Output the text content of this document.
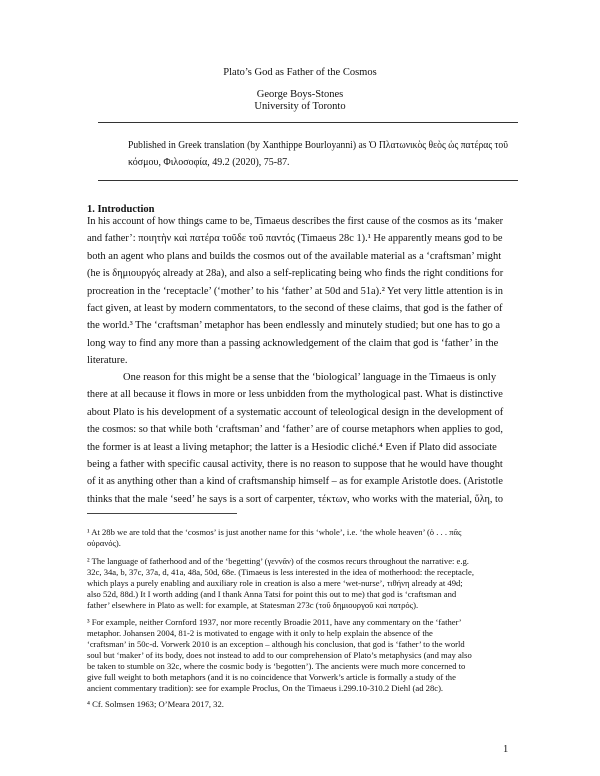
Plato’s God as Father of the Cosmos
George Boys-Stones
University of Toronto
Published in Greek translation (by Xanthippe Bourloyanni) as Ὁ Πλατωνικὸς θεὸς ὡς πατέρας τοῦ κόσμου, Φιλοσοφία, 49.2 (2020), 75-87.
1. Introduction
In his account of how things came to be, Timaeus describes the first cause of the cosmos as its ‘maker
and father’: ποιητὴν καὶ πατέρα τοῦδε τοῦ παντός (Timaeus 28c 1).¹ He apparently means god to be
both an agent who plans and builds the cosmos out of the available material as a ‘craftsman’ might
(he is δημιουργός already at 28a), and also a self-replicating being who finds the right conditions for
procreation in the ‘receptacle’ (‘mother’ to his ‘father’ at 50d and 51a).² Yet very little attention is in
fact given, at least by modern commentators, to the second of these claims, that god is the father of
the world.³ The ‘craftsman’ metaphor has been endlessly and minutely studied; but one has to go a
long way to find any more than a passing acknowledgement of the claim that god is ‘father’ in the
literature.
One reason for this might be a sense that the ‘biological’ language in the Timaeus is only
there at all because it flows in more or less unbidden from the mythological past. What is distinctive
about Plato is his development of a systematic account of teleological design in the development of
the cosmos: so that while both ‘craftsman’ and ‘father’ are of course metaphors when applies to god,
the former is at least a living metaphor; the latter is a Hesiodic cliché.⁴ Even if Plato did associate
being a father with specific causal activity, there is no reason to suppose that he would have thought
of it as anything other than a kind of craftsmanship himself – as for example Aristotle does. (Aristotle
thinks that the male ‘seed’ he says is a sort of carpenter, τέκτων, who works with the material, ὕλη, to
¹ At 28b we are told that the ‘cosmos’ is just another name for this ‘whole’, i.e. ‘the whole heaven’ (ὁ . . . πᾶς
οὐρανός).
² The language of fatherhood and of the ‘begetting’ (γεννᾶν) of the cosmos recurs throughout the narrative: e.g.
32c, 34a, b, 37c, 37a, d, 41a, 48a, 50d, 68e. (Timaeus is less interested in the idea of motherhood: the receptacle,
which plays a purely enabling and auxiliary role in creation is also a mere ‘wet-nurse’, τιθήνη already at 49d;
also 52d, 88d.) It I worth adding (and I thank Anna Tatsi for point this out to me) that god is ‘craftsman and
father’ elsewhere in Plato as well: for example, at Statesman 273c (τοῦ δημιουργοῦ καὶ πατρός).
³ For example, neither Cornford 1937, nor more recently Broadie 2011, have any commentary on the ‘father’
metaphor. Johansen 2004, 81-2 is motivated to engage with it only to help explain the absence of the
‘craftsman’ in 50c-d. Vorwerk 2010 is an exception – although his conclusion, that god is ‘father’ to the world
soul but ‘maker’ of its body, does not instead to add to our comprehension of Plato’s metaphysics (and may also
be taken to stumble on 32c, where the cosmic body is ‘begotten’). The ancients were much more concerned to
give full weight to both metaphors (and it is no coincidence that Vorwerk’s article is formally a study of the
ancient commentary tradition): see for example Proclus, On the Timaeus i.299.10-310.2 Diehl (ad 28c).
⁴ Cf. Solmsen 1963; O’Meara 2017, 32.
1
